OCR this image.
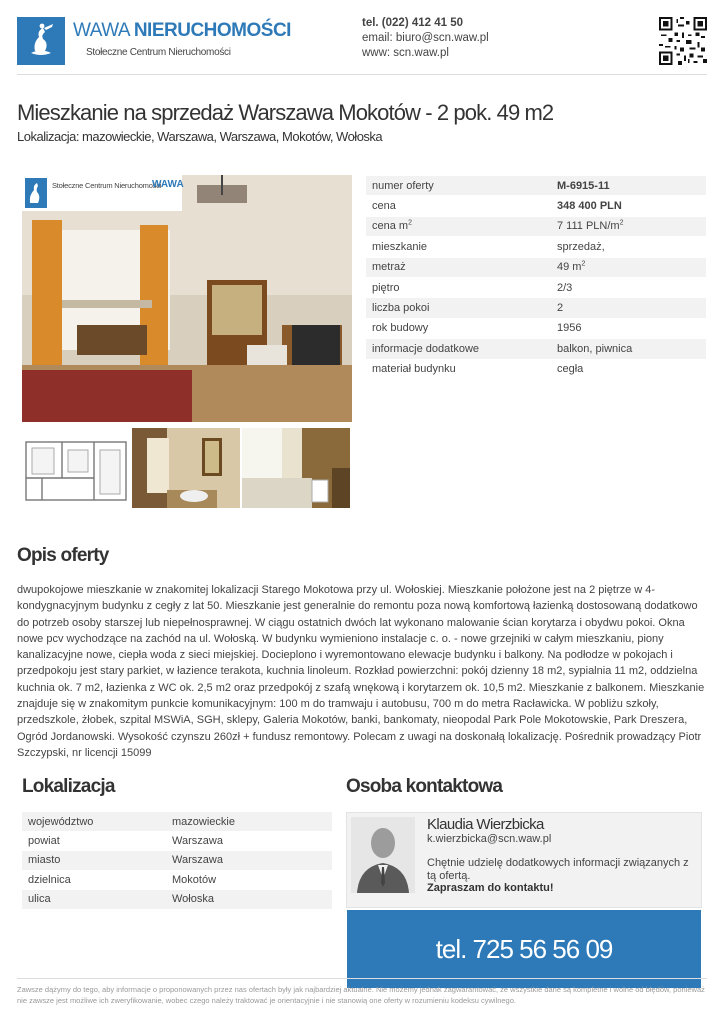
WAWA NIERUCHOMOŚCI
Stołeczne Centrum Nieruchomości
tel. (022) 412 41 50
email: biuro@scn.waw.pl
www: scn.waw.pl
Mieszkanie na sprzedaż Warszawa Mokotów - 2 pok. 49 m2
Lokalizacja: mazowieckie, Warszawa, Warszawa, Mokotów, Wołoska
Stołeczne Centrum Nieruchomości
WAWA	numer oferty	M-6915-11
cena	348 400 PLN
cena $m^2$	7 111 PLN/$m^2$
mieszkanie	sprzedaż,
metraż	49 $m^2$
piętro	2/3
liczba pokoi	2
rok budowy	1956
informacje dodatkowe	balkon, piwnica
materiał budynku	cegła
Opis oferty

dwupokojowe mieszkanie w znakomitej lokalizacji Starego Mokotowa przy ul. Wołoskiej. Mieszkanie położone jest na 2 piętrze w 4-kondygnacyjnym budynku z cegły z lat 50. Mieszkanie jest generalnie do remontu poza nową komfortową łazienką dostosowaną dodatkowo do potrzeb osoby starszej lub niepełnosprawnej. W ciągu ostatnich dwóch lat wykonano malowanie ścian korytarza i obydwu pokoi. Okna nowe pcv wychodzące na zachód na ul. Wołoską. W budynku wymieniono instalacje c. o. - nowe grzejniki w całym mieszkaniu, piony kanalizacyjne nowe, ciepła woda z sieci miejskiej. Docieplono i wyremontowano elewacje budynku i balkony. Na podłodze w pokojach i przedpokoju jest stary parkiet, w łazience terakota, kuchnia linoleum. Rozkład powierzchni: pokój dzienny 18 m2, sypialnia 11 m2, oddzielna kuchnia ok. 7 m2, łazienka z WC ok. 2,5 m2 oraz przedpokój z szafą wnękową i korytarzem ok. 10,5 m2. Mieszkanie z balkonem. Mieszkanie znajduje się w znakomitym punkcie komunikacyjnym: 100 m do tramwaju i autobusu, 700 m do metra Racławicka. W pobliżu szkoły, przedszkole, żłobek, szpital MSWiA, SGH, sklepy, Galeria Mokotów, banki, bankomaty, nieopodal Park Pole Mokotowskie, Park Dreszera, Ogród Jordanowski. Wysokość czynszu 260zł + fundusz remontowy. Polecam z uwagi na doskonałą lokalizację. Pośrednik prowadzący Piotr Szczypski, nr licencji 15099

Lokalizacja
województwo	mazowieckie
powiat	Warszawa
miasto	Warszawa
dzielnica	Mokotów
ulica	Wołoska
Osoba kontaktowa
Klaudia Wierzbicka
k.wierzbicka@scn.waw.pl
Chętnie udzielę dodatkowych informacji związanych z tą ofertą.
Zapraszam do kontaktu!
tel. 725 56 56 09
Zawsze dążymy do tego, aby informacje o proponowanych przez nas ofertach były jak najbardziej aktualne. Nie możemy jednak zagwarantować, że wszystkie dane są kompletne i wolne od błędów, ponieważ nie zawsze jest możliwe ich zweryfikowanie, wobec czego należy traktować je orientacyjnie i nie stanowią one oferty w rozumieniu kodeksu cywilnego.
